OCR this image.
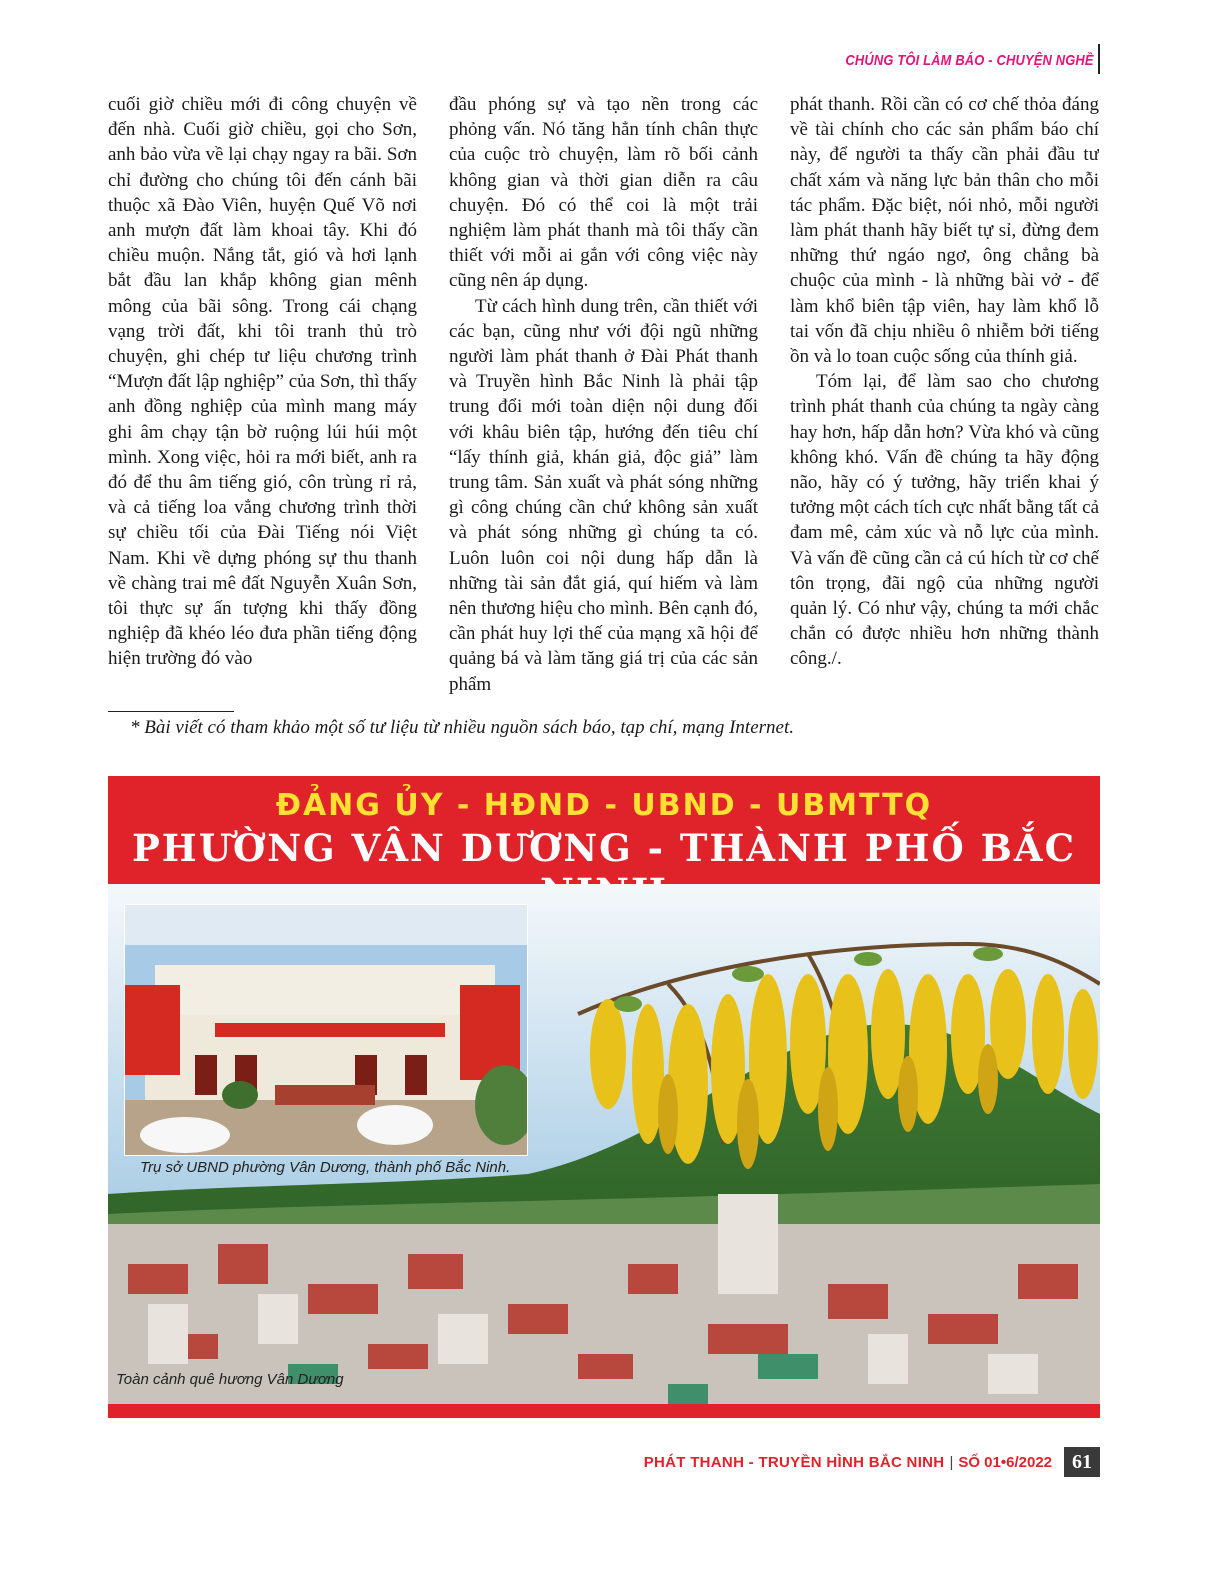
CHÚNG TÔI LÀM BÁO - CHUYỆN NGHỀ

cuối giờ chiều mới đi công chuyện về đến nhà. Cuối giờ chiều, gọi cho Sơn, anh bảo vừa về lại chạy ngay ra bãi. Sơn chỉ đường cho chúng tôi đến cánh bãi thuộc xã Đào Viên, huyện Quế Võ nơi anh mượn đất làm khoai tây. Khi đó chiều muộn. Nắng tắt, gió và hơi lạnh bắt đầu lan khắp không gian mênh mông của bãi sông. Trong cái chạng vạng trời đất, khi tôi tranh thủ trò chuyện, ghi chép tư liệu chương trình “Mượn đất lập nghiệp” của Sơn, thì thấy anh đồng nghiệp của mình mang máy ghi âm chạy tận bờ ruộng lúi húi một mình. Xong việc, hỏi ra mới biết, anh ra đó để thu âm tiếng gió, côn trùng rỉ rả, và cả tiếng loa vẳng chương trình thời sự chiều tối của Đài Tiếng nói Việt Nam. Khi về dựng phóng sự thu thanh về chàng trai mê đất Nguyễn Xuân Sơn, tôi thực sự ấn tượng khi thấy đồng nghiệp đã khéo léo đưa phần tiếng động hiện trường đó vào

đầu phóng sự và tạo nền trong các phỏng vấn. Nó tăng hẳn tính chân thực của cuộc trò chuyện, làm rõ bối cảnh không gian và thời gian diễn ra câu chuyện. Đó có thể coi là một trải nghiệm làm phát thanh mà tôi thấy cần thiết với mỗi ai gắn với công việc này cũng nên áp dụng.

Từ cách hình dung trên, cần thiết với các bạn, cũng như với đội ngũ những người làm phát thanh ở Đài Phát thanh và Truyền hình Bắc Ninh là phải tập trung đổi mới toàn diện nội dung đối với khâu biên tập, hướng đến tiêu chí “lấy thính giả, khán giả, độc giả” làm trung tâm. Sản xuất và phát sóng những gì công chúng cần chứ không sản xuất và phát sóng những gì chúng ta có. Luôn luôn coi nội dung hấp dẫn là những tài sản đắt giá, quí hiếm và làm nên thương hiệu cho mình. Bên cạnh đó, cần phát huy lợi thế của mạng xã hội để quảng bá và làm tăng giá trị của các sản phẩm

phát thanh. Rồi cần có cơ chế thỏa đáng về tài chính cho các sản phẩm báo chí này, để người ta thấy cần phải đầu tư chất xám và năng lực bản thân cho mỗi tác phẩm. Đặc biệt, nói nhỏ, mỗi người làm phát thanh hãy biết tự sỉ, đừng đem những thứ ngáo ngơ, ông chẳng bà chuộc của mình - là những bài vở - để làm khổ biên tập viên, hay làm khổ lỗ tai vốn đã chịu nhiều ô nhiễm bởi tiếng ồn và lo toan cuộc sống của thính giả.

Tóm lại, để làm sao cho chương trình phát thanh của chúng ta ngày càng hay hơn, hấp dẫn hơn? Vừa khó và cũng không khó. Vấn đề chúng ta hãy động não, hãy có ý tưởng, hãy triển khai ý tưởng một cách tích cực nhất bằng tất cả đam mê, cảm xúc và nỗ lực của mình. Và vấn đề cũng cần cả cú hích từ cơ chế tôn trọng, đãi ngộ của những người quản lý. Có như vậy, chúng ta mới chắc chắn có được nhiều hơn những thành công./.

* Bài viết có tham khảo một số tư liệu từ nhiều nguồn sách báo, tạp chí, mạng Internet.
ĐẢNG ỦY - HĐND - UBND - UBMTTQ
PHƯỜNG VÂN DƯƠNG - THÀNH PHỐ BẮC
Trụ sở UBND phường Vân Dương, thành phố Bắc Ninh.
Toàn cảnh quê hương Vân Dương
PHÁT THANH - TRUYỀN HÌNH BẮC NINH | SỐ 01•6/2022	61
